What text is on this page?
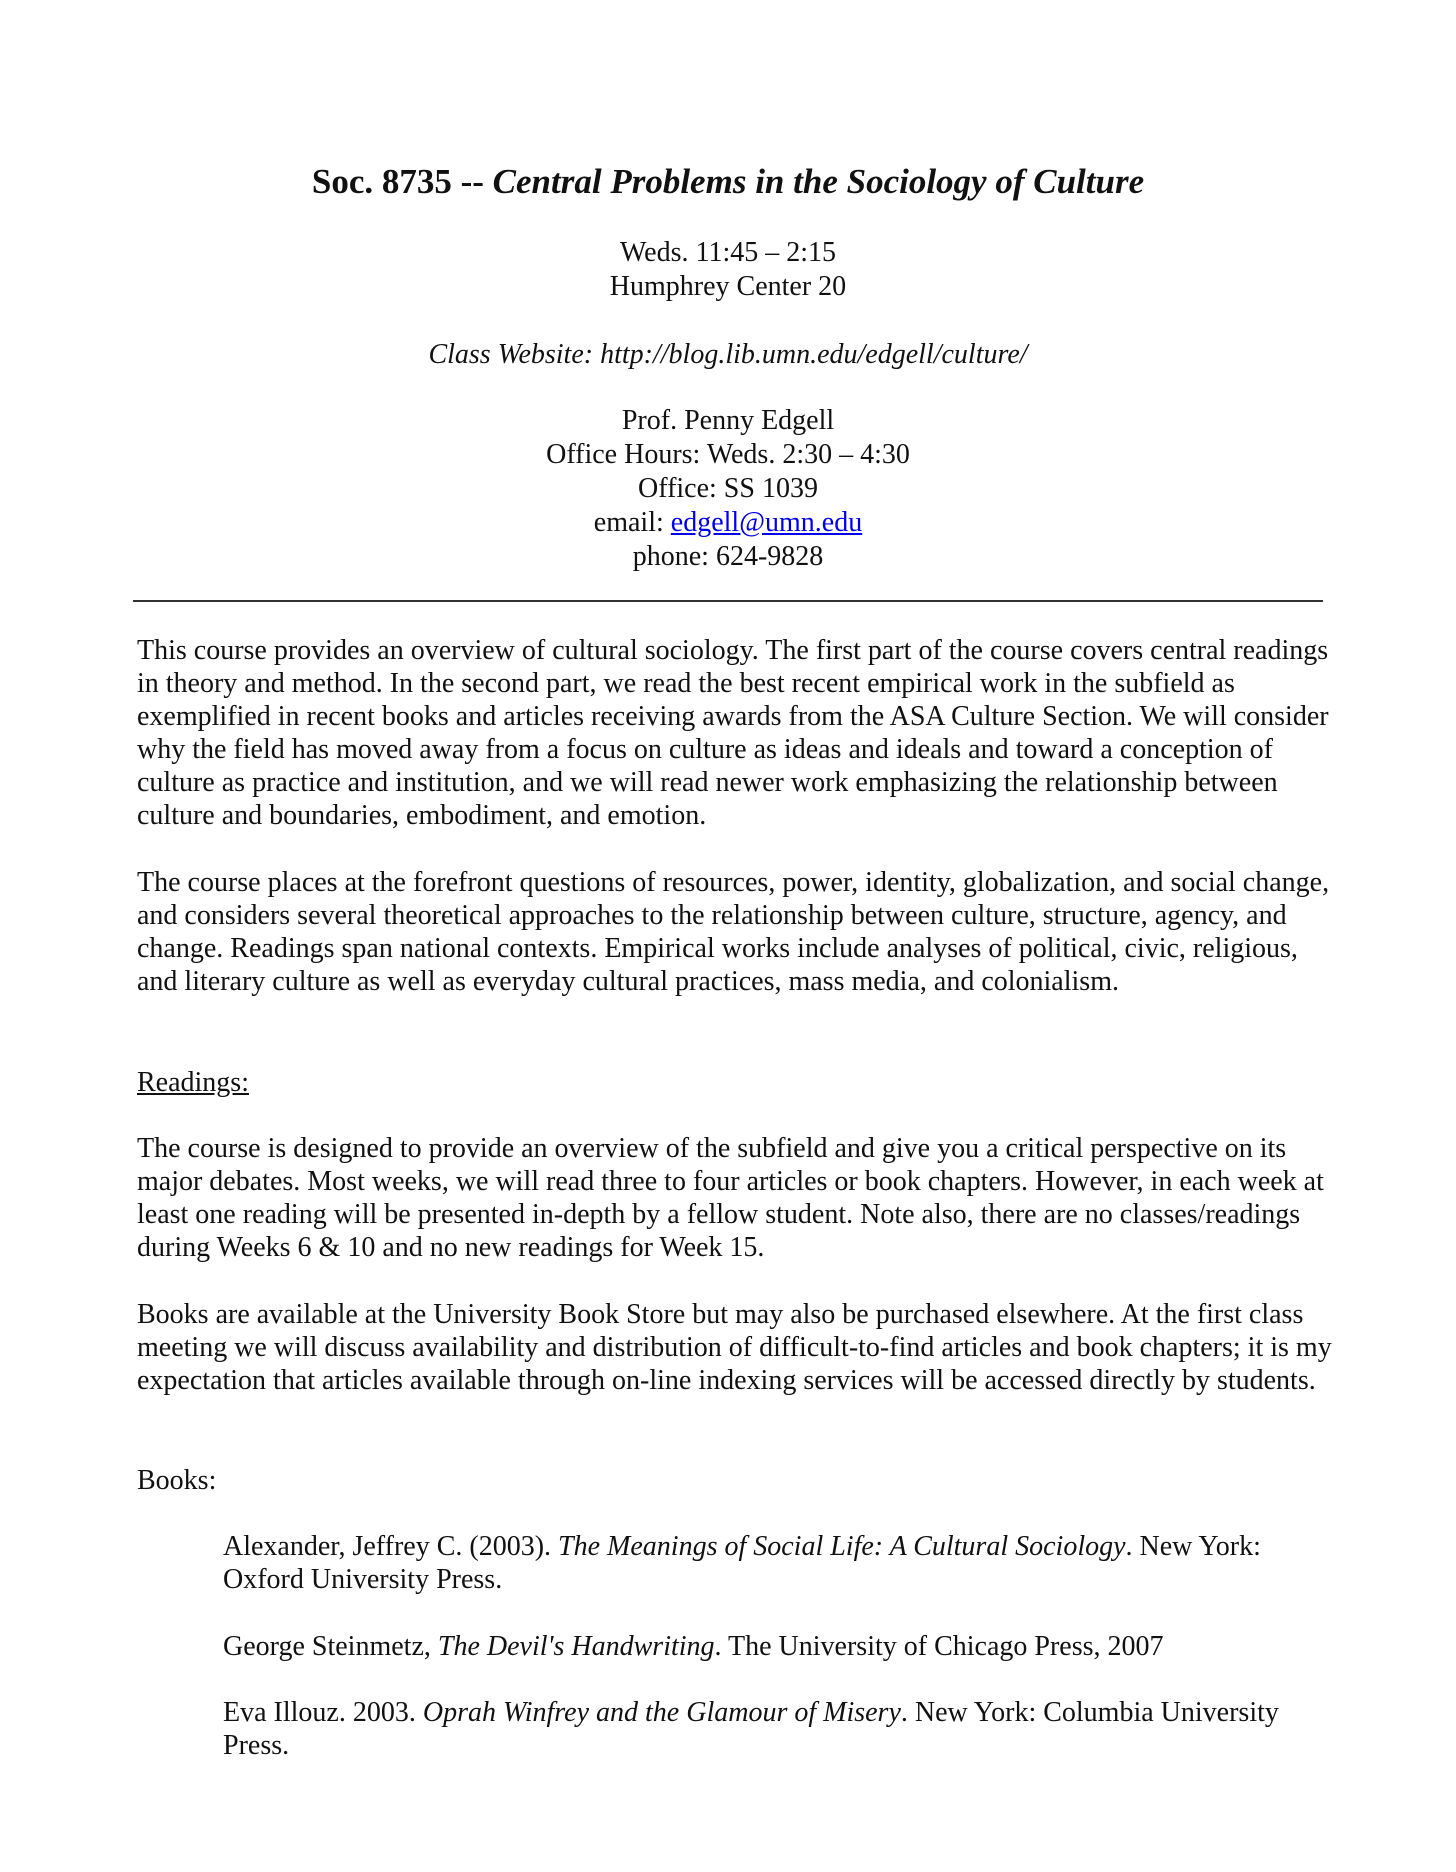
Soc. 8735 -- Central Problems in the Sociology of Culture
Weds. 11:45 – 2:15
Humphrey Center 20
Class Website: http://blog.lib.umn.edu/edgell/culture/
Prof. Penny Edgell
Office Hours: Weds. 2:30 – 4:30
Office: SS 1039
email: edgell@umn.edu
phone: 624-9828
This course provides an overview of cultural sociology. The first part of the course covers central readings in theory and method. In the second part, we read the best recent empirical work in the subfield as exemplified in recent books and articles receiving awards from the ASA Culture Section. We will consider why the field has moved away from a focus on culture as ideas and ideals and toward a conception of culture as practice and institution, and we will read newer work emphasizing the relationship between culture and boundaries, embodiment, and emotion.
The course places at the forefront questions of resources, power, identity, globalization, and social change, and considers several theoretical approaches to the relationship between culture, structure, agency, and change. Readings span national contexts. Empirical works include analyses of political, civic, religious, and literary culture as well as everyday cultural practices, mass media, and colonialism.
Readings:
The course is designed to provide an overview of the subfield and give you a critical perspective on its major debates. Most weeks, we will read three to four articles or book chapters. However, in each week at least one reading will be presented in-depth by a fellow student. Note also, there are no classes/readings during Weeks 6 & 10 and no new readings for Week 15.
Books are available at the University Book Store but may also be purchased elsewhere. At the first class meeting we will discuss availability and distribution of difficult-to-find articles and book chapters; it is my expectation that articles available through on-line indexing services will be accessed directly by students.
Books:
Alexander, Jeffrey C. (2003). The Meanings of Social Life: A Cultural Sociology. New York: Oxford University Press.
George Steinmetz, The Devil's Handwriting. The University of Chicago Press, 2007
Eva Illouz. 2003. Oprah Winfrey and the Glamour of Misery. New York: Columbia University Press.
